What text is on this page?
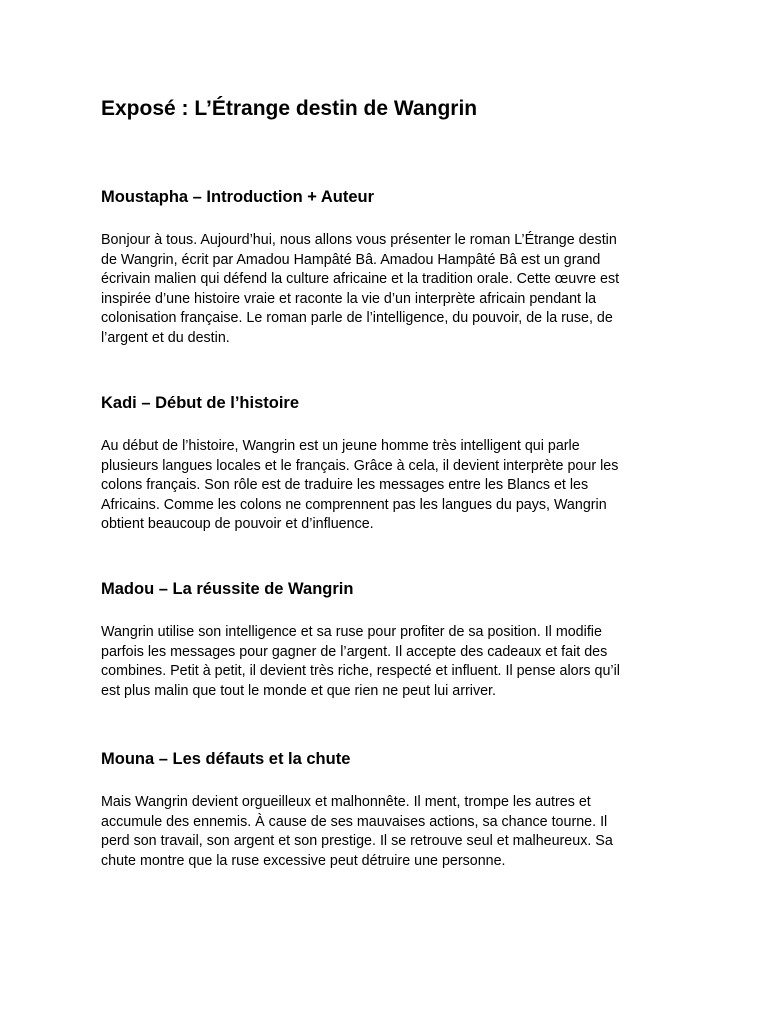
Exposé : L’Étrange destin de Wangrin
Moustapha – Introduction + Auteur

Bonjour à tous. Aujourd’hui, nous allons vous présenter le roman L’Étrange destin
de Wangrin, écrit par Amadou Hampâté Bâ. Amadou Hampâté Bâ est un grand
écrivain malien qui défend la culture africaine et la tradition orale. Cette œuvre est
inspirée d’une histoire vraie et raconte la vie d’un interprète africain pendant la
colonisation française. Le roman parle de l’intelligence, du pouvoir, de la ruse, de
l’argent et du destin.

Kadi – Début de l’histoire

Au début de l’histoire, Wangrin est un jeune homme très intelligent qui parle
plusieurs langues locales et le français. Grâce à cela, il devient interprète pour les
colons français. Son rôle est de traduire les messages entre les Blancs et les
Africains. Comme les colons ne comprennent pas les langues du pays, Wangrin
obtient beaucoup de pouvoir et d’influence.

Madou – La réussite de Wangrin

Wangrin utilise son intelligence et sa ruse pour profiter de sa position. Il modifie
parfois les messages pour gagner de l’argent. Il accepte des cadeaux et fait des
combines. Petit à petit, il devient très riche, respecté et influent. Il pense alors qu’il
est plus malin que tout le monde et que rien ne peut lui arriver.

Mouna – Les défauts et la chute

Mais Wangrin devient orgueilleux et malhonnête. Il ment, trompe les autres et
accumule des ennemis. À cause de ses mauvaises actions, sa chance tourne. Il
perd son travail, son argent et son prestige. Il se retrouve seul et malheureux. Sa
chute montre que la ruse excessive peut détruire une personne.
